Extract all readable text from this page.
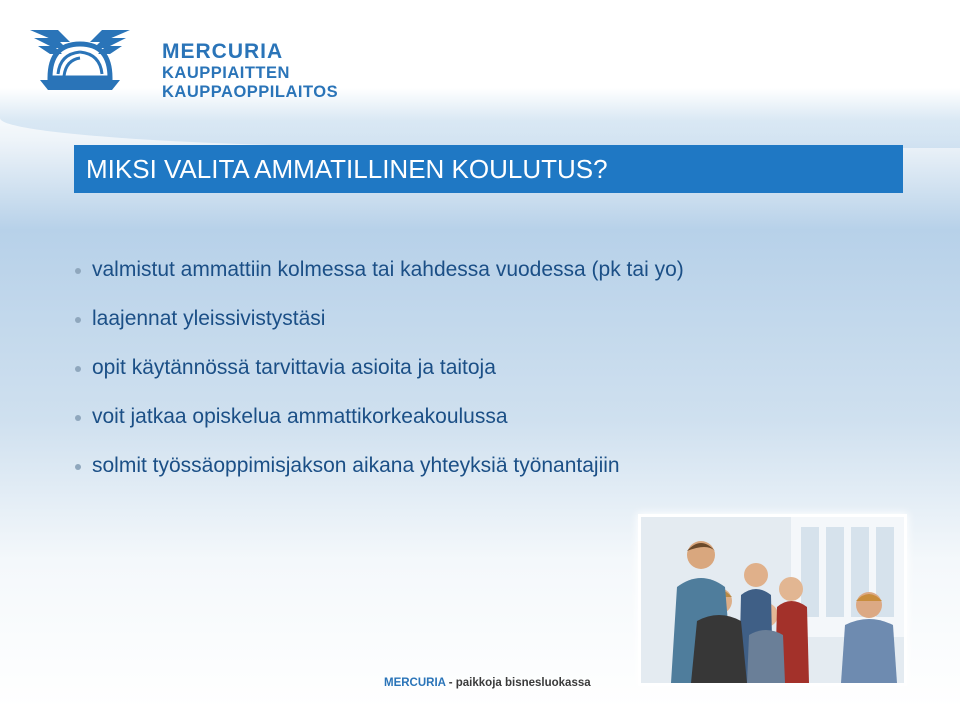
MERCURIA
KAUPPIAITTEN
KAUPPAOPPILAITOS
MIKSI VALITA AMMATILLINEN KOULUTUS?
valmistut ammattiin kolmessa tai kahdessa vuodessa (pk tai yo)
laajennat yleissivistystäsi
opit käytännössä tarvittavia asioita ja taitoja
voit jatkaa opiskelua ammattikorkeakoulussa
solmit työssäoppimisjakson aikana yhteyksiä työnantajiin
MERCURIA - paikkoja bisnesluokassa
